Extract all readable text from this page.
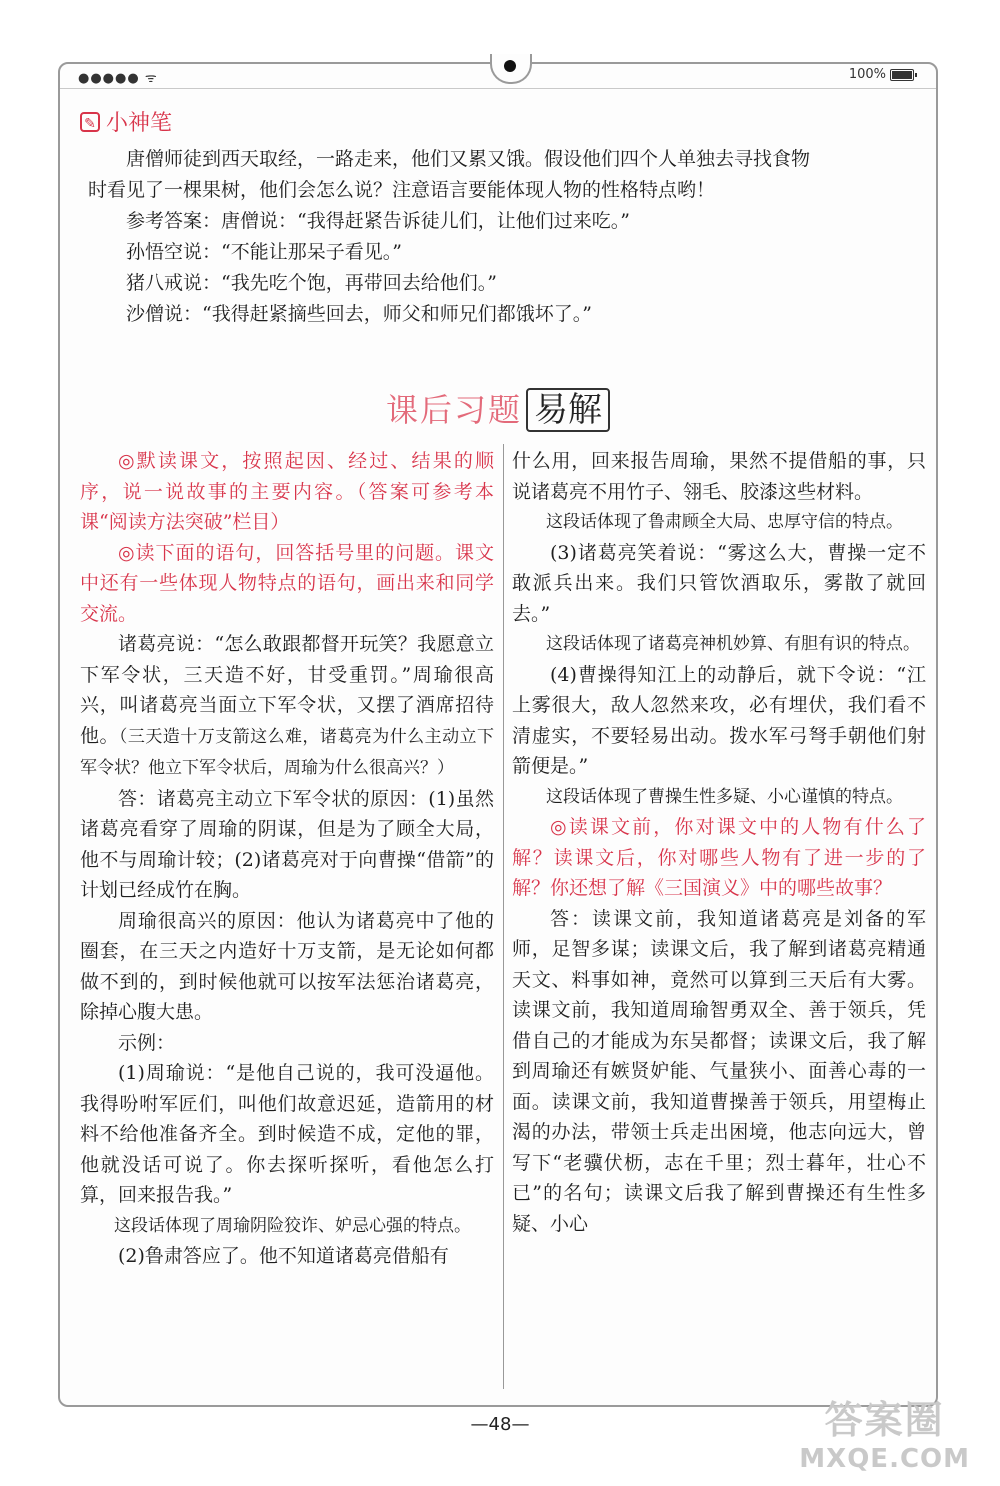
●●●●● ᯤ	100%
✎ 小神笔

唐僧师徒到西天取经，一路走来，他们又累又饿。假设他们四个人单独去寻找食物

时看见了一棵果树，他们会怎么说？注意语言要能体现人物的性格特点哟！

参考答案：唐僧说：“我得赶紧告诉徒儿们，让他们过来吃。”

孙悟空说：“不能让那呆子看见。”

猪八戒说：“我先吃个饱，再带回去给他们。”

沙僧说：“我得赶紧摘些回去，师父和师兄们都饿坏了。”

课后习题 易解

◎默读课文，按照起因、经过、结果的顺序，说一说故事的主要内容。（答案可参考本课“阅读方法突破”栏目）

◎读下面的语句，回答括号里的问题。课文中还有一些体现人物特点的语句，画出来和同学交流。

诸葛亮说：“怎么敢跟都督开玩笑？我愿意立下军令状，三天造不好，甘受重罚。”周瑜很高兴，叫诸葛亮当面立下军令状，又摆了酒席招待他。（三天造十万支箭这么难，诸葛亮为什么主动立下军令状？他立下军令状后，周瑜为什么很高兴？）

答：诸葛亮主动立下军令状的原因：(1)虽然诸葛亮看穿了周瑜的阴谋，但是为了顾全大局，他不与周瑜计较；(2)诸葛亮对于向曹操“借箭”的计划已经成竹在胸。

周瑜很高兴的原因：他认为诸葛亮中了他的圈套，在三天之内造好十万支箭，是无论如何都做不到的，到时候他就可以按军法惩治诸葛亮，除掉心腹大患。

示例：

(1)周瑜说：“是他自己说的，我可没逼他。我得吩咐军匠们，叫他们故意迟延，造箭用的材料不给他准备齐全。到时候造不成，定他的罪，他就没话可说了。你去探听探听，看他怎么打算，回来报告我。”

这段话体现了周瑜阴险狡诈、妒忌心强的特点。

(2)鲁肃答应了。他不知道诸葛亮借船有

什么用，回来报告周瑜，果然不提借船的事，只说诸葛亮不用竹子、翎毛、胶漆这些材料。

这段话体现了鲁肃顾全大局、忠厚守信的特点。

(3)诸葛亮笑着说：“雾这么大，曹操一定不敢派兵出来。我们只管饮酒取乐，雾散了就回去。”

这段话体现了诸葛亮神机妙算、有胆有识的特点。

(4)曹操得知江上的动静后，就下令说：“江上雾很大，敌人忽然来攻，必有埋伏，我们看不清虚实，不要轻易出动。拨水军弓弩手朝他们射箭便是。”

这段话体现了曹操生性多疑、小心谨慎的特点。

◎读课文前，你对课文中的人物有什么了解？读课文后，你对哪些人物有了进一步的了解？你还想了解《三国演义》中的哪些故事？

答：读课文前，我知道诸葛亮是刘备的军师，足智多谋；读课文后，我了解到诸葛亮精通天文、料事如神，竟然可以算到三天后有大雾。读课文前，我知道周瑜智勇双全、善于领兵，凭借自己的才能成为东吴都督；读课文后，我了解到周瑜还有嫉贤妒能、气量狭小、面善心毒的一面。读课文前，我知道曹操善于领兵，用望梅止渴的办法，带领士兵走出困境，他志向远大，曾写下“老骥伏枥，志在千里；烈士暮年，壮心不已”的名句；读课文后我了解到曹操还有生性多疑、小心

—48—	答案圈
MXQE.COM
